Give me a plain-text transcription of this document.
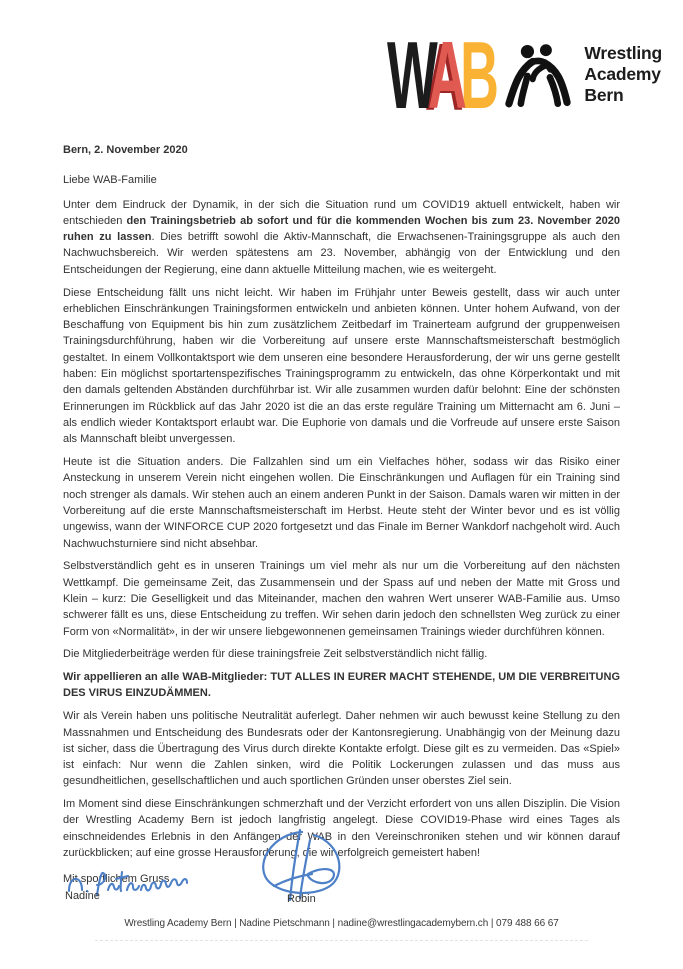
WAB	Wrestling
Academy
Bern
Bern, 2. November 2020
Liebe WAB-Familie

Unter dem Eindruck der Dynamik, in der sich die Situation rund um COVID19 aktuell entwickelt, haben wir entschieden den Trainingsbetrieb ab sofort und für die kommenden Wochen bis zum 23. November 2020 ruhen zu lassen. Dies betrifft sowohl die Aktiv-Mannschaft, die Erwachsenen-Trainingsgruppe als auch den Nachwuchsbereich. Wir werden spätestens am 23. November, abhängig von der Entwicklung und den Entscheidungen der Regierung, eine dann aktuelle Mitteilung machen, wie es weitergeht.

Diese Entscheidung fällt uns nicht leicht. Wir haben im Frühjahr unter Beweis gestellt, dass wir auch unter erheblichen Einschränkungen Trainingsformen entwickeln und anbieten können. Unter hohem Aufwand, von der Beschaffung von Equipment bis hin zum zusätzlichem Zeitbedarf im Trainerteam aufgrund der gruppenweisen Trainingsdurchführung, haben wir die Vorbereitung auf unsere erste Mannschaftsmeisterschaft bestmöglich gestaltet. In einem Vollkontaktsport wie dem unseren eine besondere Herausforderung, der wir uns gerne gestellt haben: Ein möglichst sportartenspezifisches Trainingsprogramm zu entwickeln, das ohne Körperkontakt und mit den damals geltenden Abständen durchführbar ist. Wir alle zusammen wurden dafür belohnt: Eine der schönsten Erinnerungen im Rückblick auf das Jahr 2020 ist die an das erste reguläre Training um Mitternacht am 6. Juni – als endlich wieder Kontaktsport erlaubt war. Die Euphorie von damals und die Vorfreude auf unsere erste Saison als Mannschaft bleibt unvergessen.

Heute ist die Situation anders. Die Fallzahlen sind um ein Vielfaches höher, sodass wir das Risiko einer Ansteckung in unserem Verein nicht eingehen wollen. Die Einschränkungen und Auflagen für ein Training sind noch strenger als damals. Wir stehen auch an einem anderen Punkt in der Saison. Damals waren wir mitten in der Vorbereitung auf die erste Mannschaftsmeisterschaft im Herbst. Heute steht der Winter bevor und es ist völlig ungewiss, wann der WINFORCE CUP 2020 fortgesetzt und das Finale im Berner Wankdorf nachgeholt wird. Auch Nachwuchsturniere sind nicht absehbar.

Selbstverständlich geht es in unseren Trainings um viel mehr als nur um die Vorbereitung auf den nächsten Wettkampf. Die gemeinsame Zeit, das Zusammensein und der Spass auf und neben der Matte mit Gross und Klein – kurz: Die Geselligkeit und das Miteinander, machen den wahren Wert unserer WAB-Familie aus. Umso schwerer fällt es uns, diese Entscheidung zu treffen. Wir sehen darin jedoch den schnellsten Weg zurück zu einer Form von «Normalität», in der wir unsere liebgewonnenen gemeinsamen Trainings wieder durchführen können.

Die Mitgliederbeiträge werden für diese trainingsfreie Zeit selbstverständlich nicht fällig.

Wir appellieren an alle WAB-Mitglieder: TUT ALLES IN EURER MACHT STEHENDE, UM DIE VERBREITUNG DES VIRUS EINZUDÄMMEN.

Wir als Verein haben uns politische Neutralität auferlegt. Daher nehmen wir auch bewusst keine Stellung zu den Massnahmen und Entscheidung des Bundesrats oder der Kantonsregierung. Unabhängig von der Meinung dazu ist sicher, dass die Übertragung des Virus durch direkte Kontakte erfolgt. Diese gilt es zu vermeiden. Das «Spiel» ist einfach: Nur wenn die Zahlen sinken, wird die Politik Lockerungen zulassen und das muss aus gesundheitlichen, gesellschaftlichen und auch sportlichen Gründen unser oberstes Ziel sein.

Im Moment sind diese Einschränkungen schmerzhaft und der Verzicht erfordert von uns allen Disziplin. Die Vision der Wrestling Academy Bern ist jedoch langfristig angelegt. Diese COVID19-Phase wird eines Tages als einschneidendes Erlebnis in den Anfängen der WAB in den Vereinschroniken stehen und wir können darauf zurückblicken; auf eine grosse Herausforderung, die wir erfolgreich gemeistert haben!

Mit sportlichem Gruss
Nadine	Robin
Wrestling Academy Bern | Nadine Pietschmann | nadine@wrestlingacademybern.ch | 079 488 66 67
